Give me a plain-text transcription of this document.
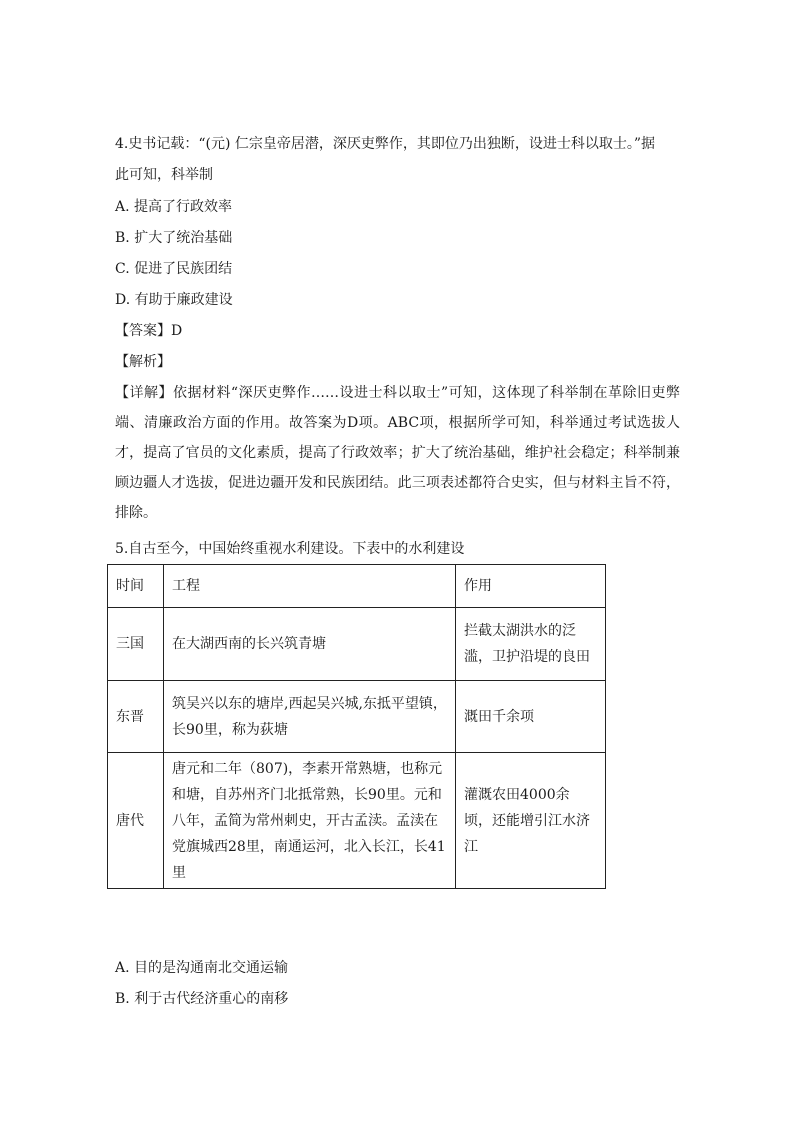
4.史书记载：“(元) 仁宗皇帝居潜，深厌吏弊作，其即位乃出独断，设进士科以取士。”据
此可知，科举制
A. 提高了行政效率
B. 扩大了统治基础
C. 促进了民族团结
D. 有助于廉政建设
【答案】D
【解析】
【详解】依据材料“深厌吏弊作……设进士科以取士”可知，这体现了科举制在革除旧吏弊端、清廉政治方面的作用。故答案为D项。ABC项，根据所学可知，科举通过考试选拔人才，提高了官员的文化素质，提高了行政效率；扩大了统治基础，维护社会稳定；科举制兼顾边疆人才选拔，促进边疆开发和民族团结。此三项表述都符合史实，但与材料主旨不符，排除。
5.自古至今，中国始终重视水利建设。下表中的水利建设
时间	工程	作用
三国	在大湖西南的长兴筑青塘	拦截太湖洪水的泛滥，卫护沿堤的良田
东晋	筑吴兴以东的塘岸,西起吴兴城,东抵平望镇，长90里，称为荻塘	溉田千余项
唐代	唐元和二年（807)，李素开常熟塘，也称元和塘，自苏州齐门北抵常熟，长90里。元和八年，孟简为常州刺史，开古孟渎。孟渎在党旗城西28里，南通运河，北入长江，长41里	灌溉农田4000余顷，还能增引江水济江
A. 目的是沟通南北交通运输
B. 利于古代经济重心的南移
